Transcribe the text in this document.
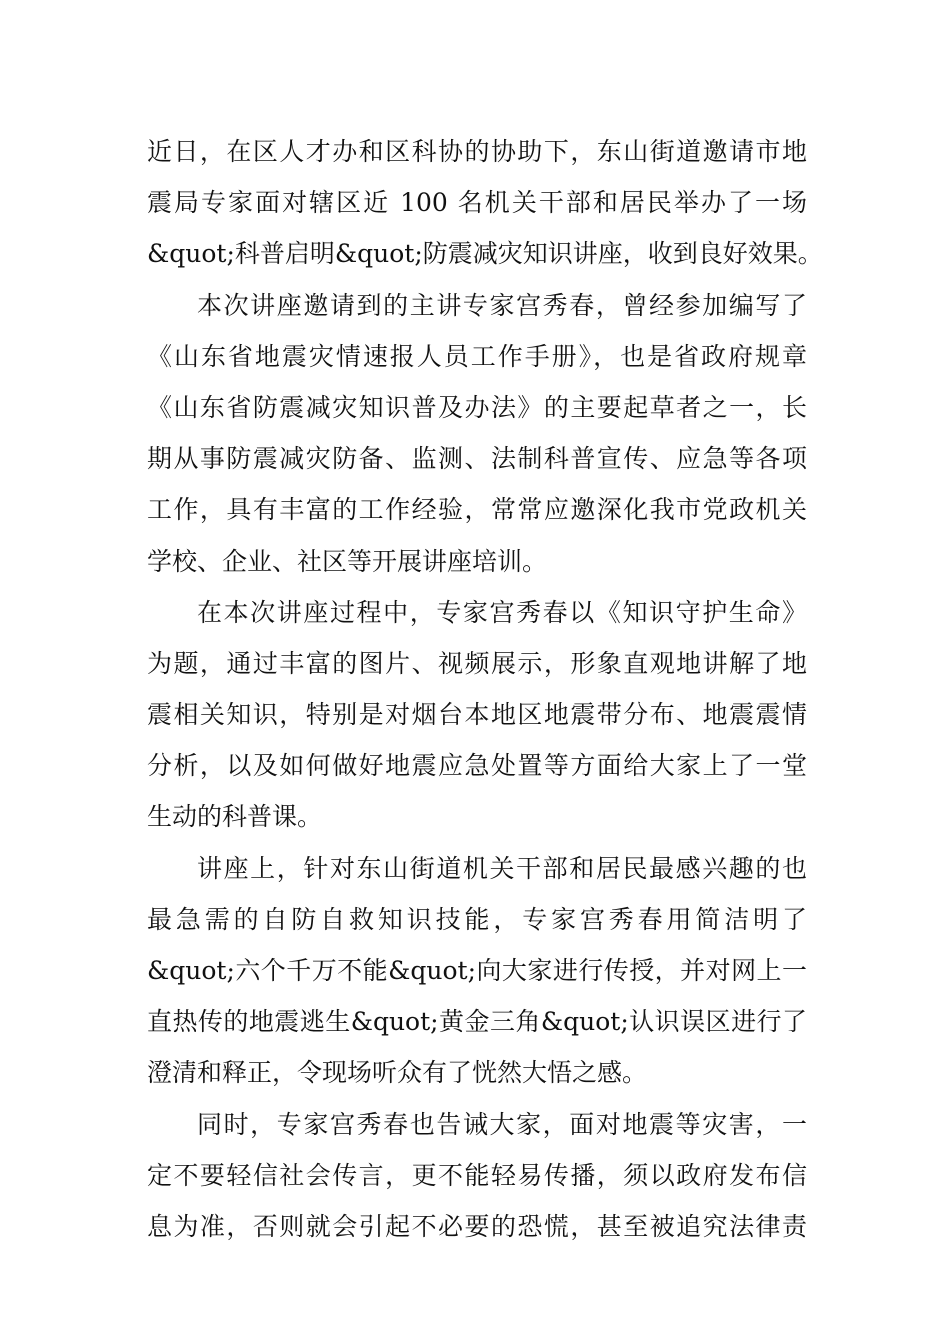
近日，在区人才办和区科协的协助下，东山街道邀请市地
震局专家面对辖区近 100 名机关干部和居民举办了一场
&quot;科普启明&quot;防震减灾知识讲座，收到良好效果。
本次讲座邀请到的主讲专家宫秀春，曾经参加编写了
《山东省地震灾情速报人员工作手册》，也是省政府规章
《山东省防震减灾知识普及办法》的主要起草者之一，长
期从事防震减灾防备、监测、法制科普宣传、应急等各项
工作，具有丰富的工作经验，常常应邀深化我市党政机关
学校、企业、社区等开展讲座培训。
在本次讲座过程中，专家宫秀春以《知识守护生命》
为题，通过丰富的图片、视频展示，形象直观地讲解了地
震相关知识，特别是对烟台本地区地震带分布、地震震情
分析，以及如何做好地震应急处置等方面给大家上了一堂
生动的科普课。
讲座上，针对东山街道机关干部和居民最感兴趣的也
最急需的自防自救知识技能，专家宫秀春用简洁明了
&quot;六个千万不能&quot;向大家进行传授，并对网上一
直热传的地震逃生&quot;黄金三角&quot;认识误区进行了
澄清和释正，令现场听众有了恍然大悟之感。
同时，专家宫秀春也告诫大家，面对地震等灾害，一
定不要轻信社会传言，更不能轻易传播，须以政府发布信
息为准，否则就会引起不必要的恐慌，甚至被追究法律责
